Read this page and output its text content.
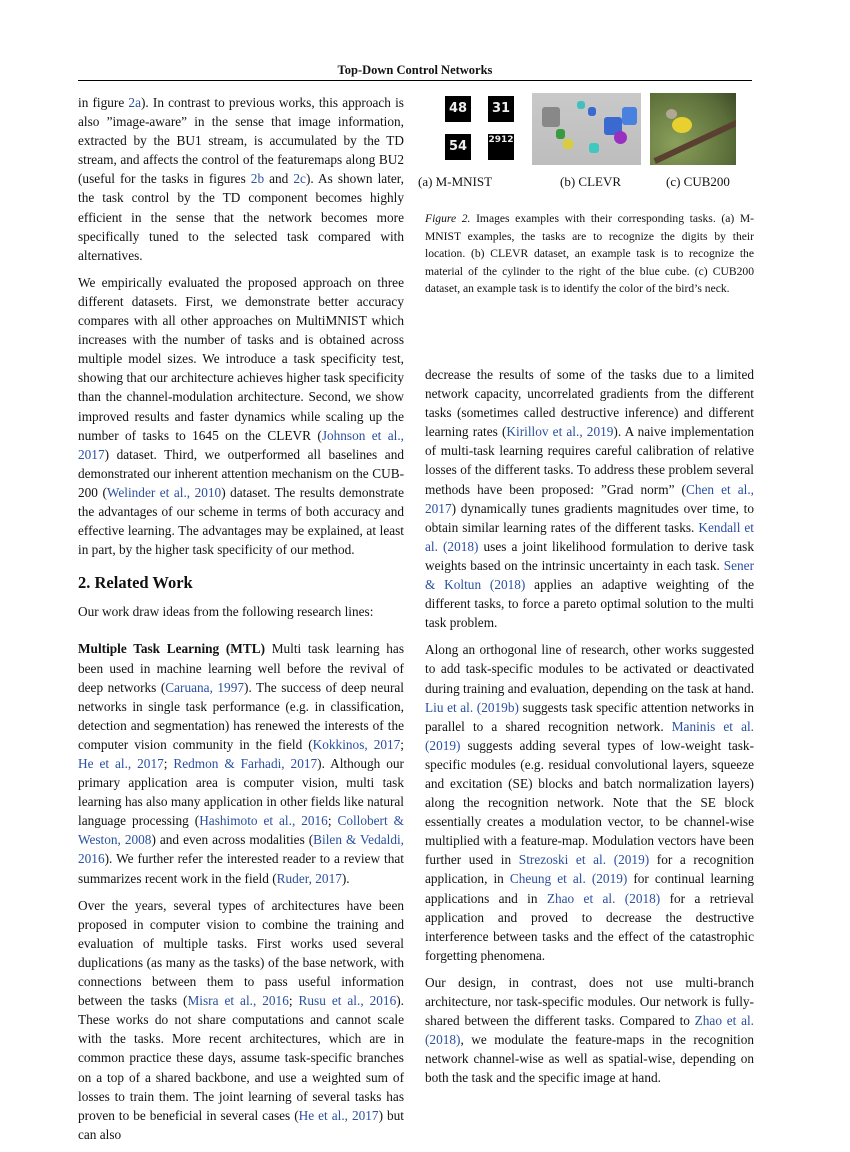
Top-Down Control Networks
48	31
54	2912
(a) M-MNIST	(b) CLEVR	(c) CUB200
Figure 2. Images examples with their corresponding tasks. (a) M-MNIST examples, the tasks are to recognize the digits by their location. (b) CLEVR dataset, an example task is to recognize the material of the cylinder to the right of the blue cube. (c) CUB200 dataset, an example task is to identify the color of the bird’s neck.

in figure 2a). In contrast to previous works, this approach is also ”image-aware” in the sense that image information, extracted by the BU1 stream, is accumulated by the TD stream, and affects the control of the featuremaps along BU2 (useful for the tasks in figures 2b and 2c). As shown later, the task control by the TD component becomes highly efficient in the sense that the network becomes more specifically tuned to the selected task compared with alternatives.

We empirically evaluated the proposed approach on three different datasets. First, we demonstrate better accuracy compares with all other approaches on MultiMNIST which increases with the number of tasks and is obtained across multiple model sizes. We introduce a task specificity test, showing that our architecture achieves higher task specificity than the channel-modulation architecture. Second, we show improved results and faster dynamics while scaling up the number of tasks to 1645 on the CLEVR (Johnson et al., 2017) dataset. Third, we outperformed all baselines and demonstrated our inherent attention mechanism on the CUB-200 (Welinder et al., 2010) dataset. The results demonstrate the advantages of our scheme in terms of both accuracy and effective learning. The advantages may be explained, at least in part, by the higher task specificity of our method.

2. Related Work

Our work draw ideas from the following research lines:

Multiple Task Learning (MTL) Multi task learning has been used in machine learning well before the revival of deep networks (Caruana, 1997). The success of deep neural networks in single task performance (e.g. in classification, detection and segmentation) has renewed the interests of the computer vision community in the field (Kokkinos, 2017; He et al., 2017; Redmon & Farhadi, 2017). Although our primary application area is computer vision, multi task learning has also many application in other fields like natural language processing (Hashimoto et al., 2016; Collobert & Weston, 2008) and even across modalities (Bilen & Vedaldi, 2016). We further refer the interested reader to a review that summarizes recent work in the field (Ruder, 2017).

Over the years, several types of architectures have been proposed in computer vision to combine the training and evaluation of multiple tasks. First works used several duplications (as many as the tasks) of the base network, with connections between them to pass useful information between the tasks (Misra et al., 2016; Rusu et al., 2016). These works do not share computations and cannot scale with the tasks. More recent architectures, which are in common practice these days, assume task-specific branches on a top of a shared backbone, and use a weighted sum of losses to train them. The joint learning of several tasks has proven to be beneficial in several cases (He et al., 2017) but can also

decrease the results of some of the tasks due to a limited network capacity, uncorrelated gradients from the different tasks (sometimes called destructive inference) and different learning rates (Kirillov et al., 2019). A naive implementation of multi-task learning requires careful calibration of relative losses of the different tasks. To address these problem several methods have been proposed: ”Grad norm” (Chen et al., 2017) dynamically tunes gradients magnitudes over time, to obtain similar learning rates of the different tasks. Kendall et al. (2018) uses a joint likelihood formulation to derive task weights based on the intrinsic uncertainty in each task. Sener & Koltun (2018) applies an adaptive weighting of the different tasks, to force a pareto optimal solution to the multi task problem.

Along an orthogonal line of research, other works suggested to add task-specific modules to be activated or deactivated during training and evaluation, depending on the task at hand. Liu et al. (2019b) suggests task specific attention networks in parallel to a shared recognition network. Maninis et al. (2019) suggests adding several types of low-weight task-specific modules (e.g. residual convolutional layers, squeeze and excitation (SE) blocks and batch normalization layers) along the recognition network. Note that the SE block essentially creates a modulation vector, to be channel-wise multiplied with a feature-map. Modulation vectors have been further used in Strezoski et al. (2019) for a recognition application, in Cheung et al. (2019) for continual learning applications and in Zhao et al. (2018) for a retrieval application and proved to decrease the destructive interference between tasks and the effect of the catastrophic forgetting phenomena.

Our design, in contrast, does not use multi-branch architecture, nor task-specific modules. Our network is fully-shared between the different tasks. Compared to Zhao et al. (2018), we modulate the feature-maps in the recognition network channel-wise as well as spatial-wise, depending on both the task and the specific image at hand.
